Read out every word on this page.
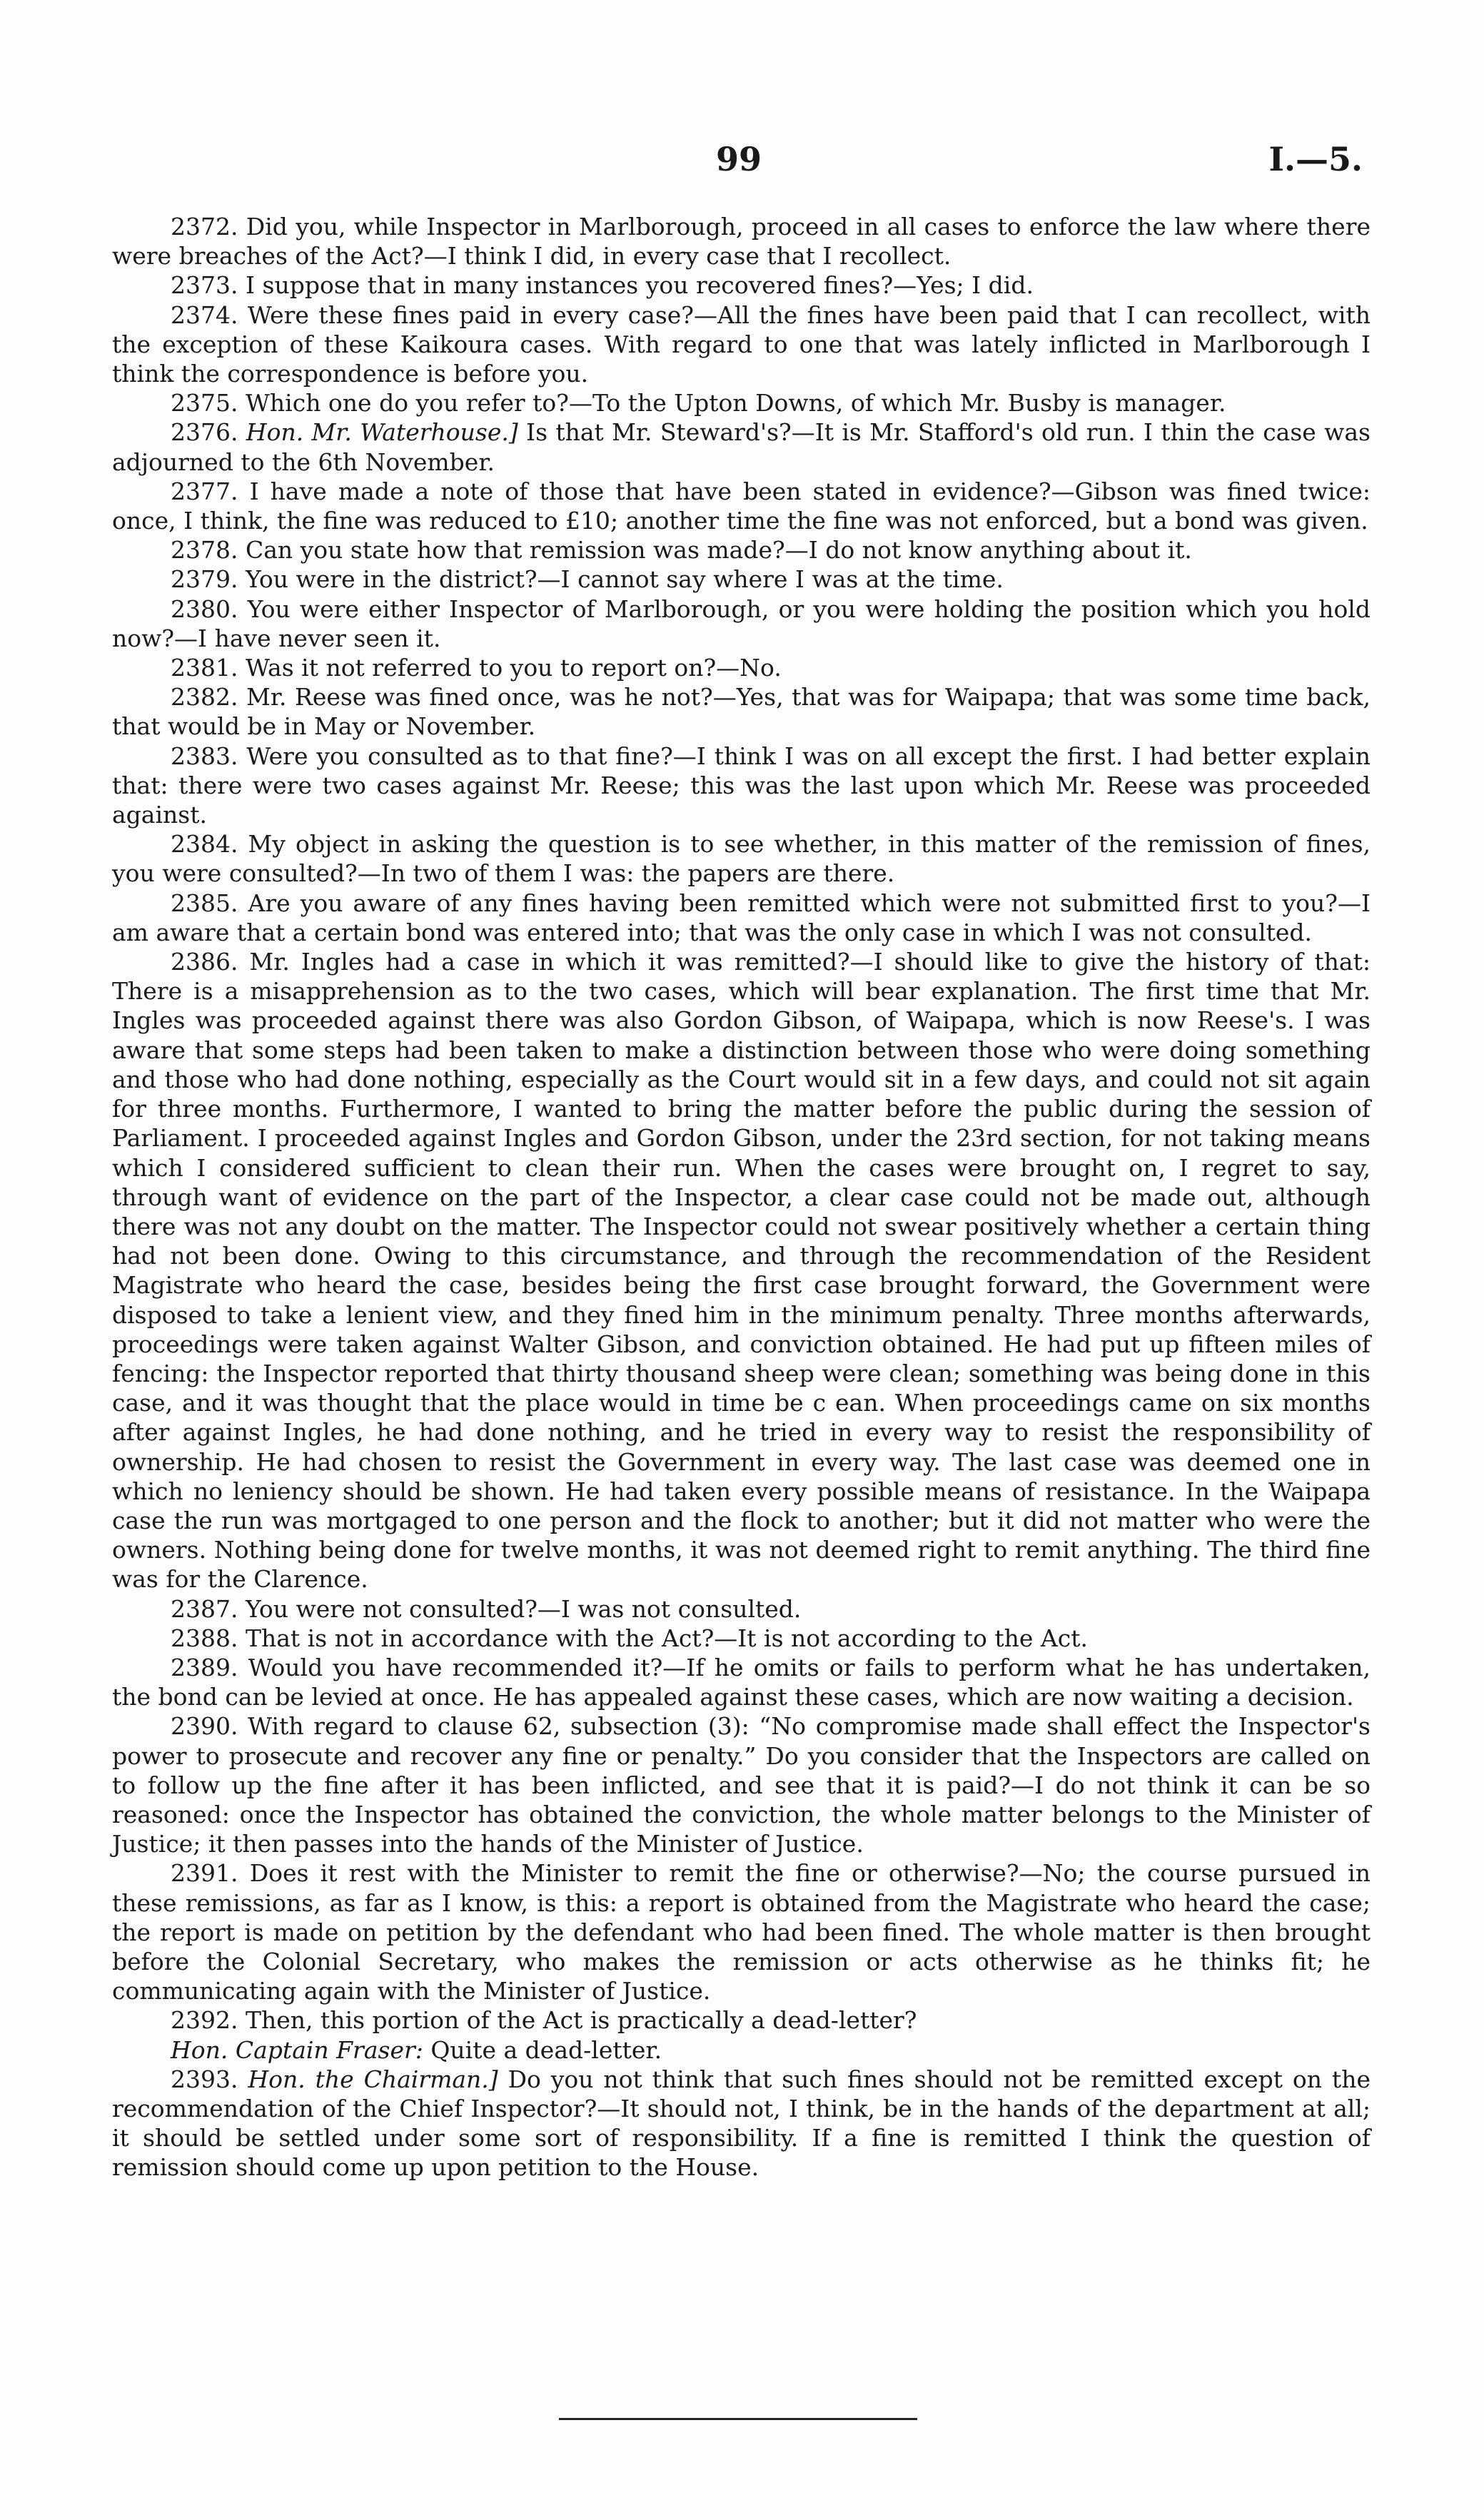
99	I.—5.

2372. Did you, while Inspector in Marlborough, proceed in all cases to enforce the law where there were breaches of the Act?—I think I did, in every case that I recollect.

2373. I suppose that in many instances you recovered fines?—Yes; I did.

2374. Were these fines paid in every case?—All the fines have been paid that I can recollect, with the exception of these Kaikoura cases. With regard to one that was lately inflicted in Marlborough I think the correspondence is before you.

2375. Which one do you refer to?—To the Upton Downs, of which Mr. Busby is manager.

2376. Hon. Mr. Waterhouse.] Is that Mr. Steward's?—It is Mr. Stafford's old run. I thin the case was adjourned to the 6th November.

2377. I have made a note of those that have been stated in evidence?—Gibson was fined twice: once, I think, the fine was reduced to £10; another time the fine was not enforced, but a bond was given.

2378. Can you state how that remission was made?—I do not know anything about it.

2379. You were in the district?—I cannot say where I was at the time.

2380. You were either Inspector of Marlborough, or you were holding the position which you hold now?—I have never seen it.

2381. Was it not referred to you to report on?—No.

2382. Mr. Reese was fined once, was he not?—Yes, that was for Waipapa; that was some time back, that would be in May or November.

2383. Were you consulted as to that fine?—I think I was on all except the first. I had better explain that: there were two cases against Mr. Reese; this was the last upon which Mr. Reese was proceeded against.

2384. My object in asking the question is to see whether, in this matter of the remission of fines, you were consulted?—In two of them I was: the papers are there.

2385. Are you aware of any fines having been remitted which were not submitted first to you?—I am aware that a certain bond was entered into; that was the only case in which I was not consulted.

2386. Mr. Ingles had a case in which it was remitted?—I should like to give the history of that: There is a misapprehension as to the two cases, which will bear explanation. The first time that Mr. Ingles was proceeded against there was also Gordon Gibson, of Waipapa, which is now Reese's. I was aware that some steps had been taken to make a distinction between those who were doing something and those who had done nothing, especially as the Court would sit in a few days, and could not sit again for three months. Furthermore, I wanted to bring the matter before the public during the session of Parliament. I proceeded against Ingles and Gordon Gibson, under the 23rd section, for not taking means which I considered sufficient to clean their run. When the cases were brought on, I regret to say, through want of evidence on the part of the Inspector, a clear case could not be made out, although there was not any doubt on the matter. The Inspector could not swear positively whether a certain thing had not been done. Owing to this circumstance, and through the recommendation of the Resident Magistrate who heard the case, besides being the first case brought forward, the Government were disposed to take a lenient view, and they fined him in the minimum penalty. Three months afterwards, proceedings were taken against Walter Gibson, and conviction obtained. He had put up fifteen miles of fencing: the Inspector reported that thirty thousand sheep were clean; something was being done in this case, and it was thought that the place would in time be c ean. When proceedings came on six months after against Ingles, he had done nothing, and he tried in every way to resist the responsibility of ownership. He had chosen to resist the Government in every way. The last case was deemed one in which no leniency should be shown. He had taken every possible means of resistance. In the Waipapa case the run was mortgaged to one person and the flock to another; but it did not matter who were the owners. Nothing being done for twelve months, it was not deemed right to remit anything. The third fine was for the Clarence.

2387. You were not consulted?—I was not consulted.

2388. That is not in accordance with the Act?—It is not according to the Act.

2389. Would you have recommended it?—If he omits or fails to perform what he has undertaken, the bond can be levied at once. He has appealed against these cases, which are now waiting a decision.

2390. With regard to clause 62, subsection (3): “No compromise made shall effect the Inspector's power to prosecute and recover any fine or penalty.” Do you consider that the Inspectors are called on to follow up the fine after it has been inflicted, and see that it is paid?—I do not think it can be so reasoned: once the Inspector has obtained the conviction, the whole matter belongs to the Minister of Justice; it then passes into the hands of the Minister of Justice.

2391. Does it rest with the Minister to remit the fine or otherwise?—No; the course pursued in these remissions, as far as I know, is this: a report is obtained from the Magistrate who heard the case; the report is made on petition by the defendant who had been fined. The whole matter is then brought before the Colonial Secretary, who makes the remission or acts otherwise as he thinks fit; he communicating again with the Minister of Justice.

2392. Then, this portion of the Act is practically a dead-letter?

Hon. Captain Fraser: Quite a dead-letter.

2393. Hon. the Chairman.] Do you not think that such fines should not be remitted except on the recommendation of the Chief Inspector?—It should not, I think, be in the hands of the department at all; it should be settled under some sort of responsibility. If a fine is remitted I think the question of remission should come up upon petition to the House.
